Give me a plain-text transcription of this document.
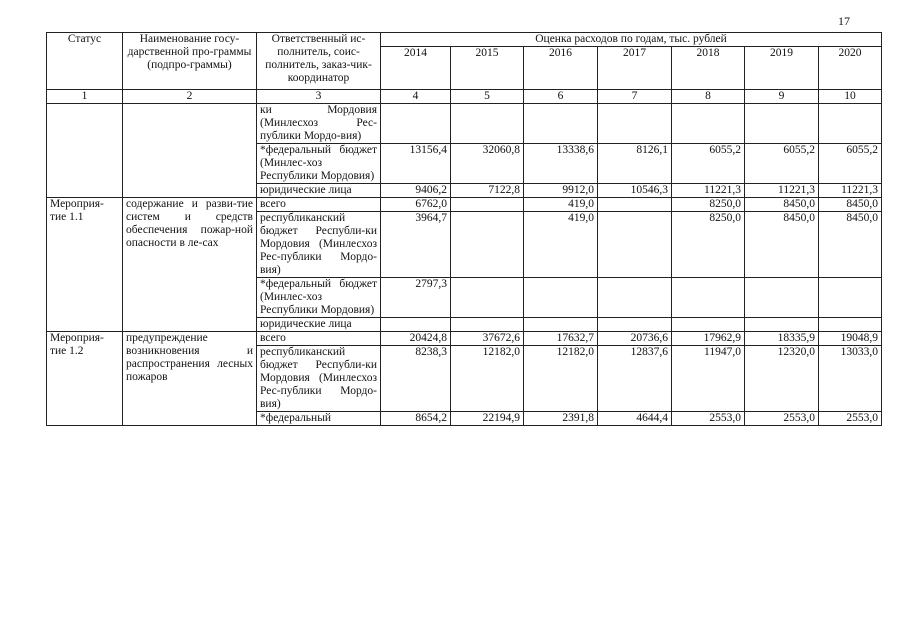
17
Статус	Наименование госу-дарственной про-граммы (подпро-граммы)	Ответственный ис-полнитель, соис-полнитель, заказ-чик-координатор	Оценка расходов по годам, тыс. рублей						
			2014	2015	2016	2017	2018	2019	2020
1	2	3	4	5	6	7	8	9	10
		ки Мордовия (Минлесхоз Рес-публики Мордо-вия)							
		*федеральный бюджет (Минлес-хоз Республики Мордовия)	13156,4	32060,8	13338,6	8126,1	6055,2	6055,2	6055,2
		юридические лица	9406,2	7122,8	9912,0	10546,3	11221,3	11221,3	11221,3
Мероприя-тие 1.1	содержание и разви-тие систем и средств обеспечения пожар-ной опасности в ле-сах	всего	6762,0		419,0		8250,0	8450,0	8450,0
		республиканский бюджет Республи-ки Мордовия (Минлесхоз Рес-публики Мордо-вия)	3964,7		419,0		8250,0	8450,0	8450,0
		*федеральный бюджет (Минлес-хоз Республики Мордовия)	2797,3						
		юридические лица							
Мероприя-тие 1.2	предупреждение возникновения и распространения лесных пожаров	всего	20424,8	37672,6	17632,7	20736,6	17962,9	18335,9	19048,9
		республиканский бюджет Республи-ки Мордовия (Минлесхоз Рес-публики Мордо-вия)	8238,3	12182,0	12182,0	12837,6	11947,0	12320,0	13033,0
		*федеральный	8654,2	22194,9	2391,8	4644,4	2553,0	2553,0	2553,0
